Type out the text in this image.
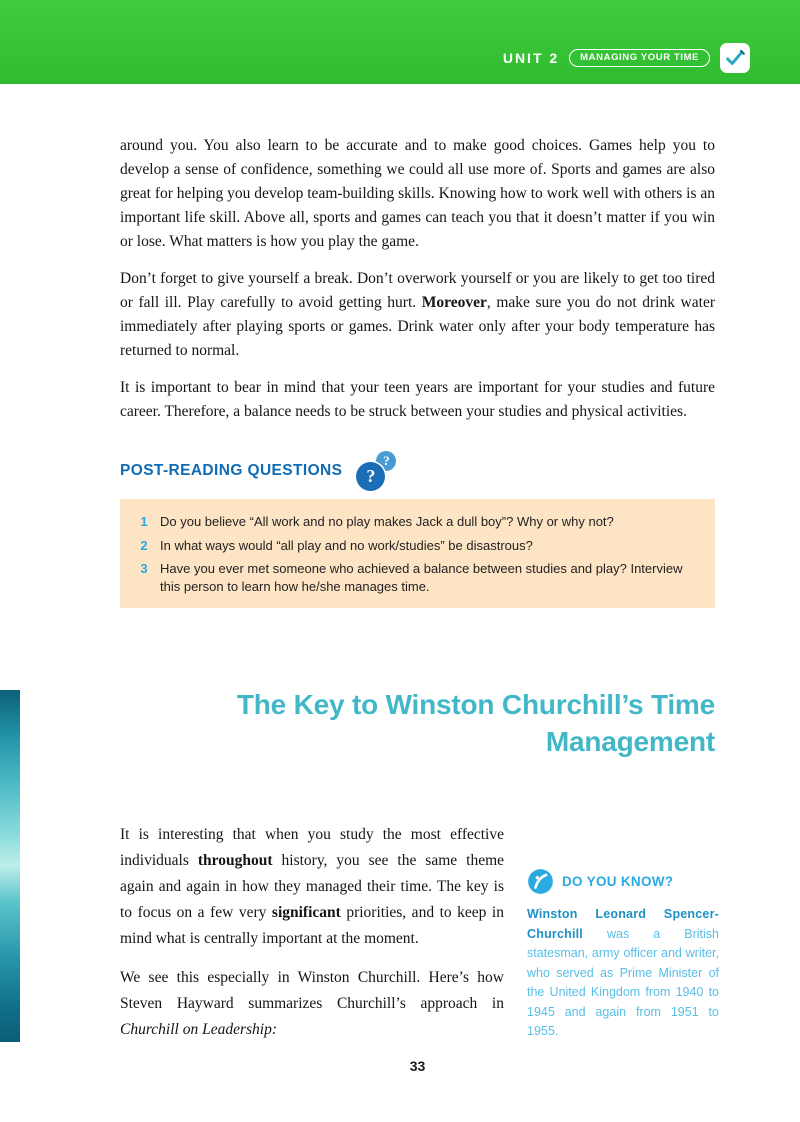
UNIT 2	MANAGING YOUR TIME

around you. You also learn to be accurate and to make good choices. Games help you to develop a sense of confidence, something we could all use more of. Sports and games are also great for helping you develop team-building skills. Knowing how to work well with others is an important life skill. Above all, sports and games can teach you that it doesn’t matter if you win or lose. What matters is how you play the game.

Don’t forget to give yourself a break. Don’t overwork yourself or you are likely to get too tired or fall ill. Play carefully to avoid getting hurt. Moreover, make sure you do not drink water immediately after playing sports or games. Drink water only after your body temperature has returned to normal.

It is important to bear in mind that your teen years are important for your studies and future career. Therefore, a balance needs to be struck between your studies and physical activities.

POST-READING QUESTIONS
?
?
1 Do you believe “All work and no play makes Jack a dull boy”? Why or why not?
2 In what ways would “all play and no work/studies” be disastrous?
3 Have you ever met someone who achieved a balance between studies and play? Interview this person to learn how he/she manages time.
The Key to Winston Churchill’s Time
Management

It is interesting that when you study the most effective individuals throughout history, you see the same theme again and again in how they managed their time. The key is to focus on a few very significant priorities, and to keep in mind what is centrally important at the moment.

We see this especially in Winston Churchill. Here’s how Steven Hayward summarizes Churchill’s approach in Churchill on Leadership:

DO YOU KNOW?

Winston Leonard Spencer-Churchill was a British statesman, army officer and writer, who served as Prime Minister of the United Kingdom from 1940 to 1945 and again from 1951 to 1955.

33
